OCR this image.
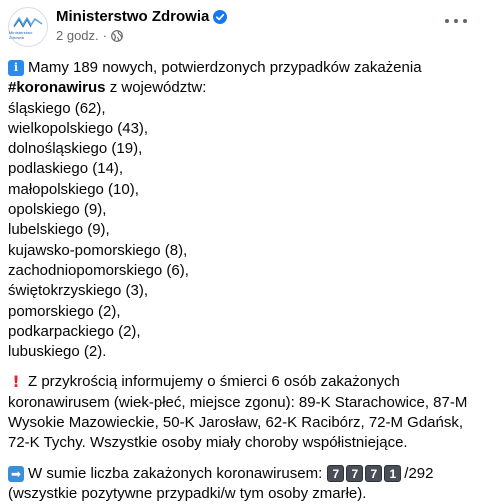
Ministerstwo Zdrowia
Ministerstwo Zdrowia
2 godz. ·
i Mamy 189 nowych, potwierdzonych przypadków zakażenia
#koronawirus z województw:
śląskiego (62),
wielkopolskiego (43),
dolnośląskiego (19),
podlaskiego (14),
małopolskiego (10),
opolskiego (9),
lubelskiego (9),
kujawsko-pomorskiego (8),
zachodniopomorskiego (6),
świętokrzyskiego (3),
pomorskiego (2),
podkarpackiego (2),
lubuskiego (2).
! Z przykrością informujemy o śmierci 6 osób zakażonych
koronawirusem (wiek-płeć, miejsce zgonu): 89-K Starachowice, 87-M
Wysokie Mazowieckie, 50-K Jarosław, 62-K Racibórz, 72-M Gdańsk,
72-K Tychy. Wszystkie osoby miały choroby współistniejące.
➡ W sumie liczba zakażonych koronawirusem: 7	7	7	1 /292
(wszystkie pozytywne przypadki/w tym osoby zmarłe).
